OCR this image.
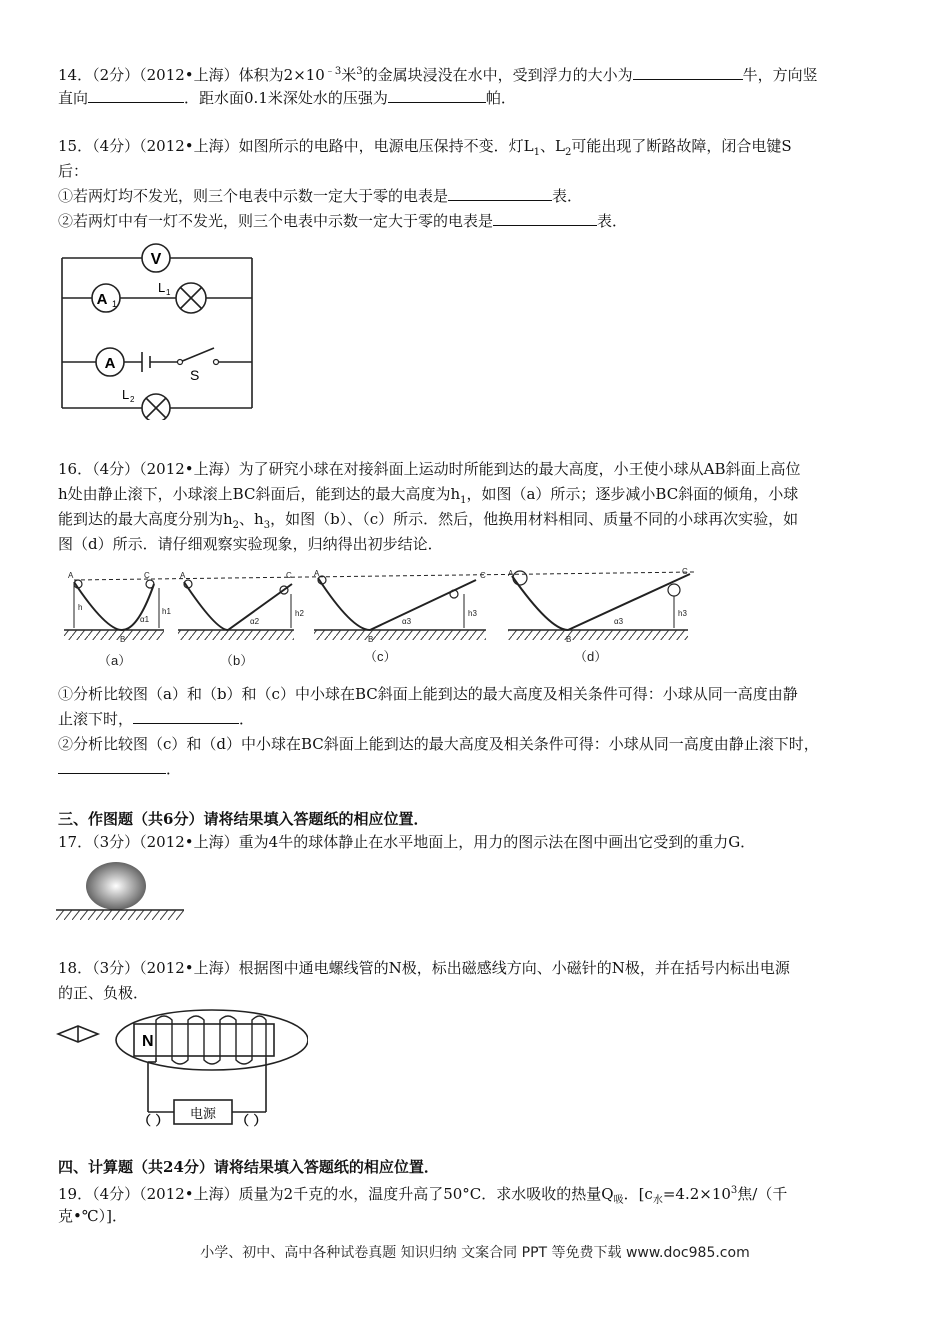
14．（2分）（2012•上海）体积为$2\times 10^{﹣3}$米$^3$的金属块浸没在水中，受到浮力的大小为	牛，方向竖
直向	．距水面0.1米深处水的压强为	帕．
15．（4分）（2012•上海）如图所示的电路中，电源电压保持不变．灯$L_1$、$L_2$可能出现了断路故障，闭合电键S
后：
①若两灯均不发光，则三个电表中示数一定大于零的电表是	表．
②若两灯中有一灯不发光，则三个电表中示数一定大于零的电表是	表．
V
A 1
L 1
A
S
L 2
16．（4分）（2012•上海）为了研究小球在对接斜面上运动时所能到达的最大高度，小王使小球从AB斜面上高位
h处由静止滚下，小球滚上BC斜面后，能到达的最大高度为$h_1$，如图（a）所示；逐步减小BC斜面的倾角，小球
能到达的最大高度分别为$h_2$、$h_3$，如图（b）、（c）所示．然后，他换用材料相同、质量不同的小球再次实验，如
图（d）所示．请仔细观察实验现象，归纳得出初步结论．
A	C
B
h
A	C	A	C
B
A	C
B
h1
α1
h2
α2
h3
α3
h3
α3
（a）	（b）	（c）	（d）
①分析比较图（a）和（b）和（c）中小球在BC斜面上能到达的最大高度及相关条件可得：小球从同一高度由静
止滚下时，	．
②分析比较图（c）和（d）中小球在BC斜面上能到达的最大高度及相关条件可得：小球从同一高度由静止滚下时，
．
三、作图题（共6分）请将结果填入答题纸的相应位置．
17．（3分）（2012•上海）重为4牛的球体静止在水平地面上，用力的图示法在图中画出它受到的重力G．
18．（3分）（2012•上海）根据图中通电螺线管的N极，标出磁感线方向、小磁针的N极，并在括号内标出电源
的正、负极．
N
电源
（ ）	（ ）
四、计算题（共24分）请将结果填入答题纸的相应位置．
19．（4分）（2012•上海）质量为2千克的水，温度升高了50°C．求水吸收的热量$Q_吸$．[$c_水=4.2\times 10^3$焦/（千
克•℃）]．
小学、初中、高中各种试卷真题 知识归纳 文案合同 PPT 等免费下载 www.doc985.com
